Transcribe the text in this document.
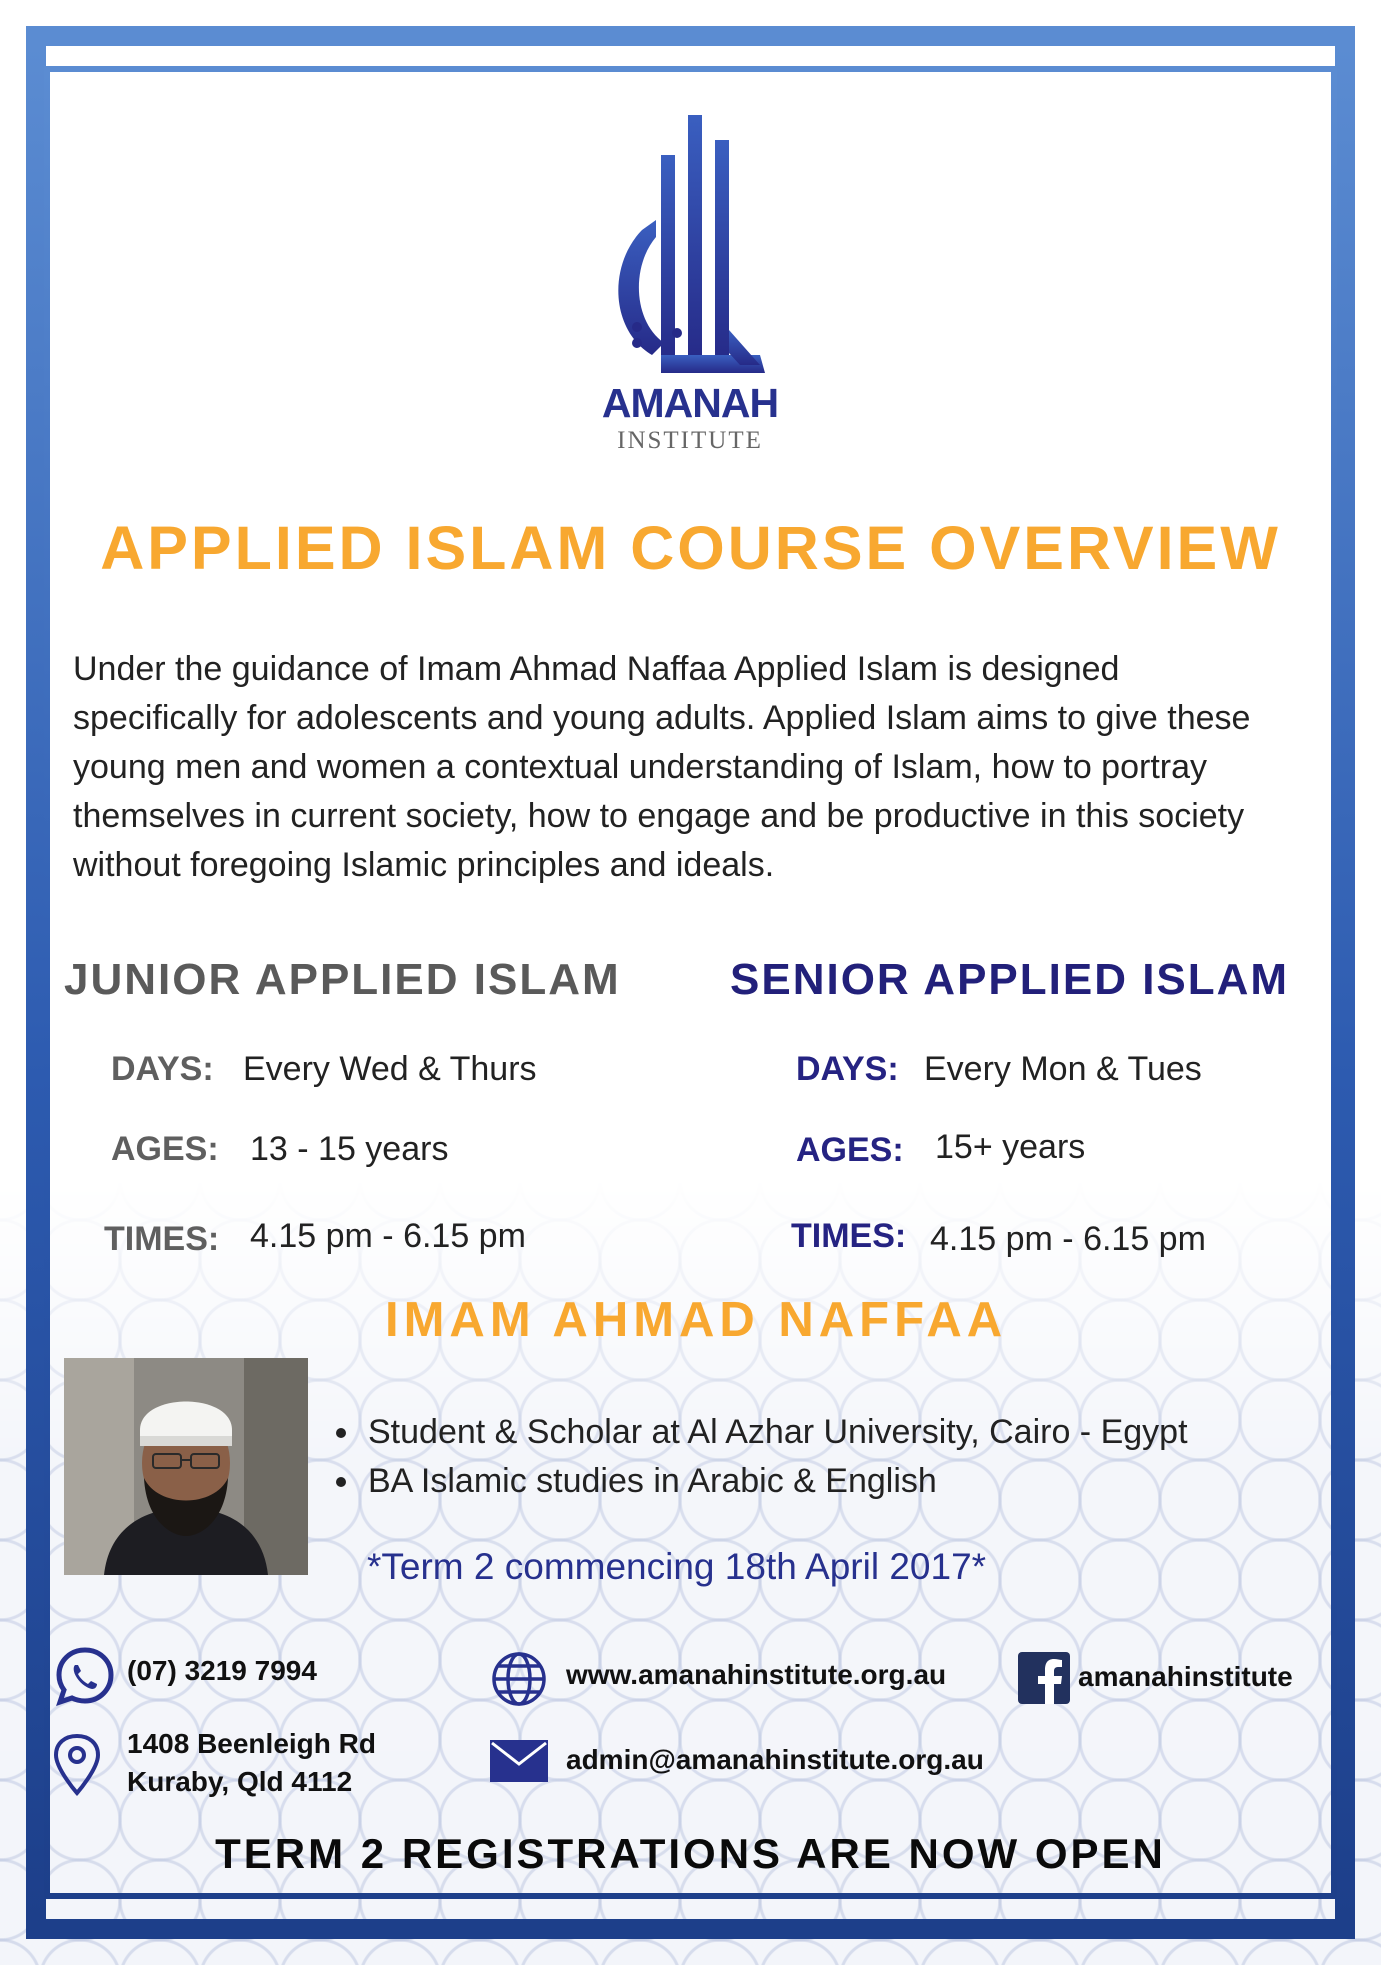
AMANAH
INSTITUTE
APPLIED ISLAM COURSE OVERVIEW
Under the guidance of Imam Ahmad Naffaa Applied Islam is designed
specifically for adolescents and young adults. Applied Islam aims to give these
young men and women a contextual understanding of Islam, how to portray
themselves in current society, how to engage and be productive in this society
without foregoing Islamic principles and ideals.
JUNIOR APPLIED ISLAM
DAYS: Every Wed & Thurs
AGES: 13 - 15 years
TIMES: 4.15 pm - 6.15 pm
SENIOR APPLIED ISLAM
DAYS: Every Mon & Tues
AGES: 15+ years
TIMES: 4.15 pm - 6.15 pm
IMAM AHMAD NAFFAA
Student & Scholar at Al Azhar University, Cairo - Egypt
BA Islamic studies in Arabic & English
*Term 2 commencing 18th April 2017*
(07) 3219 7994	www.amanahinstitute.org.au	amanahinstitute
1408 Beenleigh Rd
Kuraby, Qld 4112
admin@amanahinstitute.org.au
TERM 2 REGISTRATIONS ARE NOW OPEN
